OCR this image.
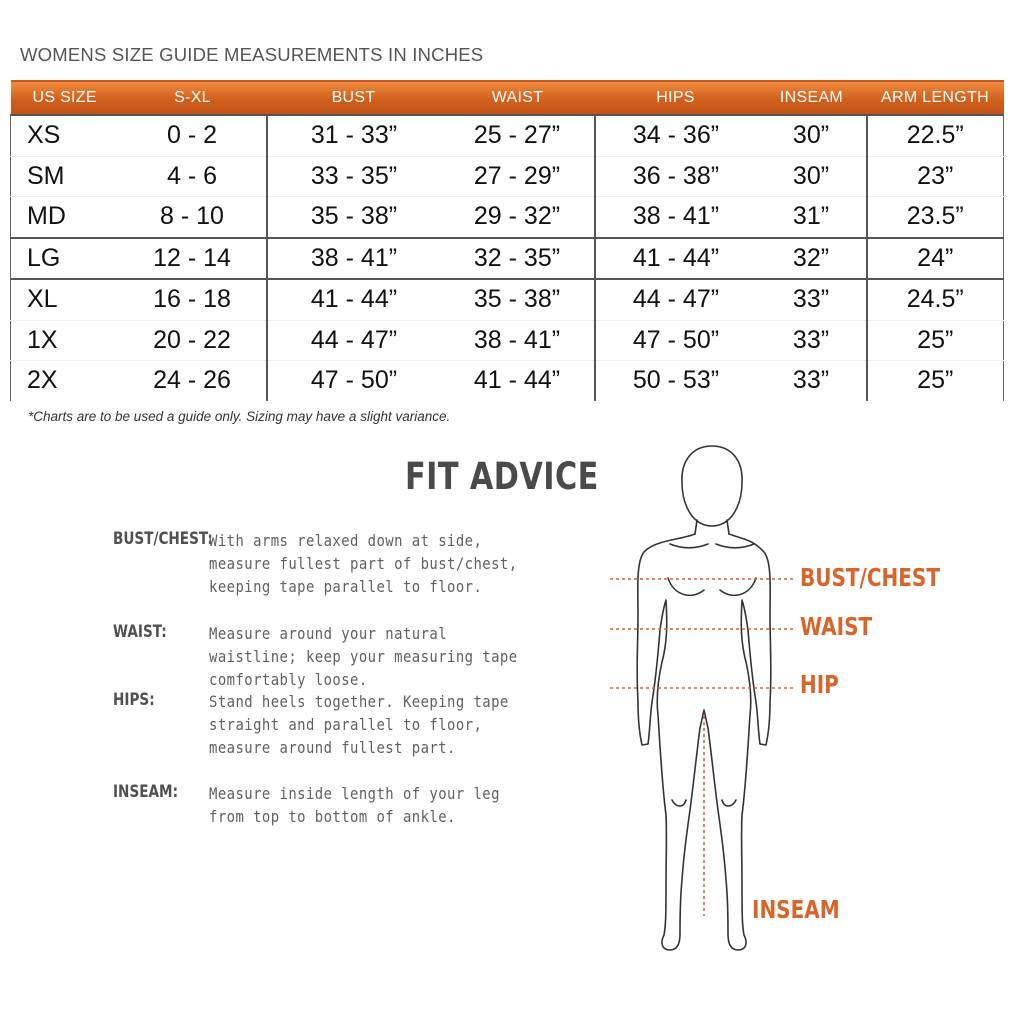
WOMENS SIZE GUIDE MEASUREMENTS IN INCHES
US SIZE	S-XL	BUST	WAIST	HIPS	INSEAM	ARM LENGTH
XS	0 - 2	31 - 33”	25 - 27”	34 - 36”	30”	22.5”
SM	4 - 6	33 - 35”	27 - 29”	36 - 38”	30”	23”
MD	8 - 10	35 - 38”	29 - 32”	38 - 41”	31”	23.5”
LG	12 - 14	38 - 41”	32 - 35”	41 - 44”	32”	24”
XL	16 - 18	41 - 44”	35 - 38”	44 - 47”	33”	24.5”
1X	20 - 22	44 - 47”	38 - 41”	47 - 50”	33”	25”
2X	24 - 26	47 - 50”	41 - 44”	50 - 53”	33”	25”
*Charts are to be used a guide only. Sizing may have a slight variance.
FIT ADVICE
BUST/CHEST:
With arms relaxed down at side, measure fullest part of bust/chest, keeping tape parallel to floor.
WAIST:	Measure around your natural waistline; keep your measuring tape comfortably loose.
HIPS:	Stand heels together. Keeping tape straight and parallel to floor, measure around fullest part.
INSEAM: Measure inside length of your leg from top to bottom of ankle.
BUST/CHEST
WAIST
HIP
INSEAM
